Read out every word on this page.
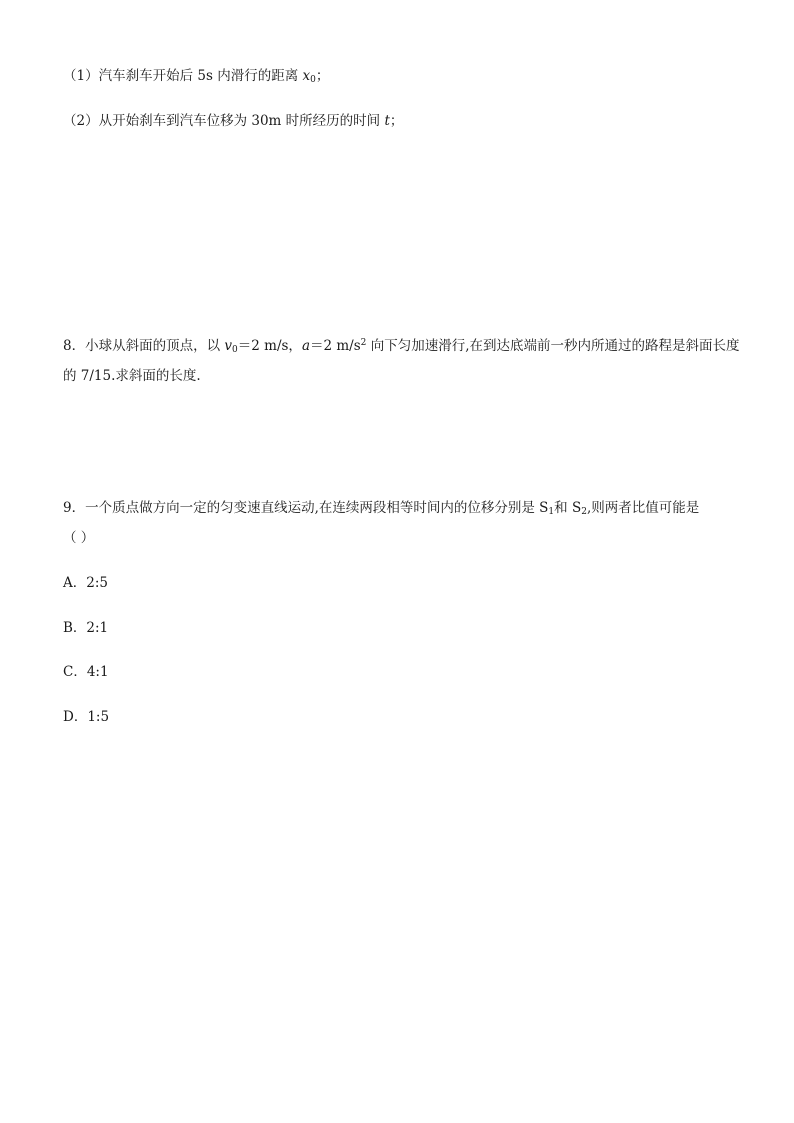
（1）汽车刹车开始后 5s 内滑行的距离 $x_0$；
（2）从开始刹车到汽车位移为 30m 时所经历的时间 t；
8．小球从斜面的顶点，以 $v_0=2$ m/s，a＝2 $m/s^2$ 向下匀加速滑行,在到达底端前一秒内所通过的路程是斜面长度
的 7/15.求斜面的长度.
9．一个质点做方向一定的匀变速直线运动,在连续两段相等时间内的位移分别是 $S_1$和 $S_2$,则两者比值可能是
（ ）
A．2:5
B．2:1
C．4:1
D．1:5
